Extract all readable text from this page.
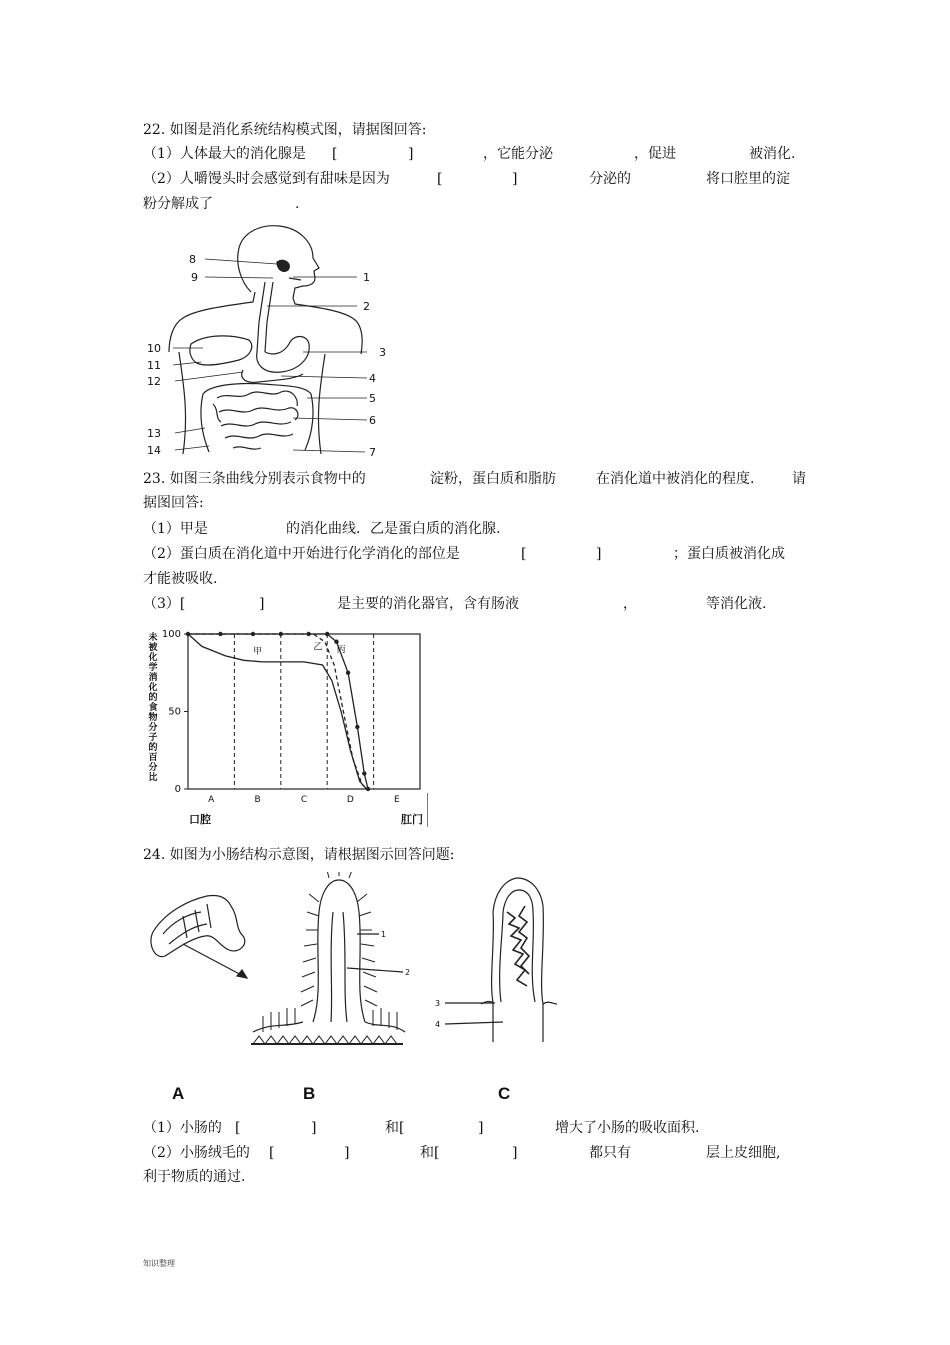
22. 如图是消化系统结构模式图，请据图回答:
（1）人体最大的消化腺是 [	]	，它能分泌	，促进	被消化.
（2）人嚼馒头时会感觉到有甜味是因为	[	]	分泌的	将口腔里的淀
粉分解成了	.
8
9	1
2
10
11
12
3
4
5
6
13
14	7
23. 如图三条曲线分别表示食物中的	淀粉，蛋白质和脂肪	在消化道中被消化的程度.	请
据图回答:
（1）甲是	的消化曲线．乙是蛋白质的消化腺.
（2）蛋白质在消化道中开始进行化学消化的部位是	[	]	；蛋白质被消化成
才能被吸收.
（3）[	]	是主要的消化器官，含有肠液	，	等消化液.
100
50
0
A	B	C	D	E
口腔	肛门
未
被
化
学
消
化
的
食
物
分
子
的
百
分
比
甲	乙 丙
24. 如图为小肠结构示意图，请根据图示回答问题:
1
2
3
4
A	B	C
（1）小肠的 [	]	和[	]	增大了小肠的吸收面积.
（2）小肠绒毛的 [	]	和[	]	都只有	层上皮细胞,
利于物质的通过.
知识整理
